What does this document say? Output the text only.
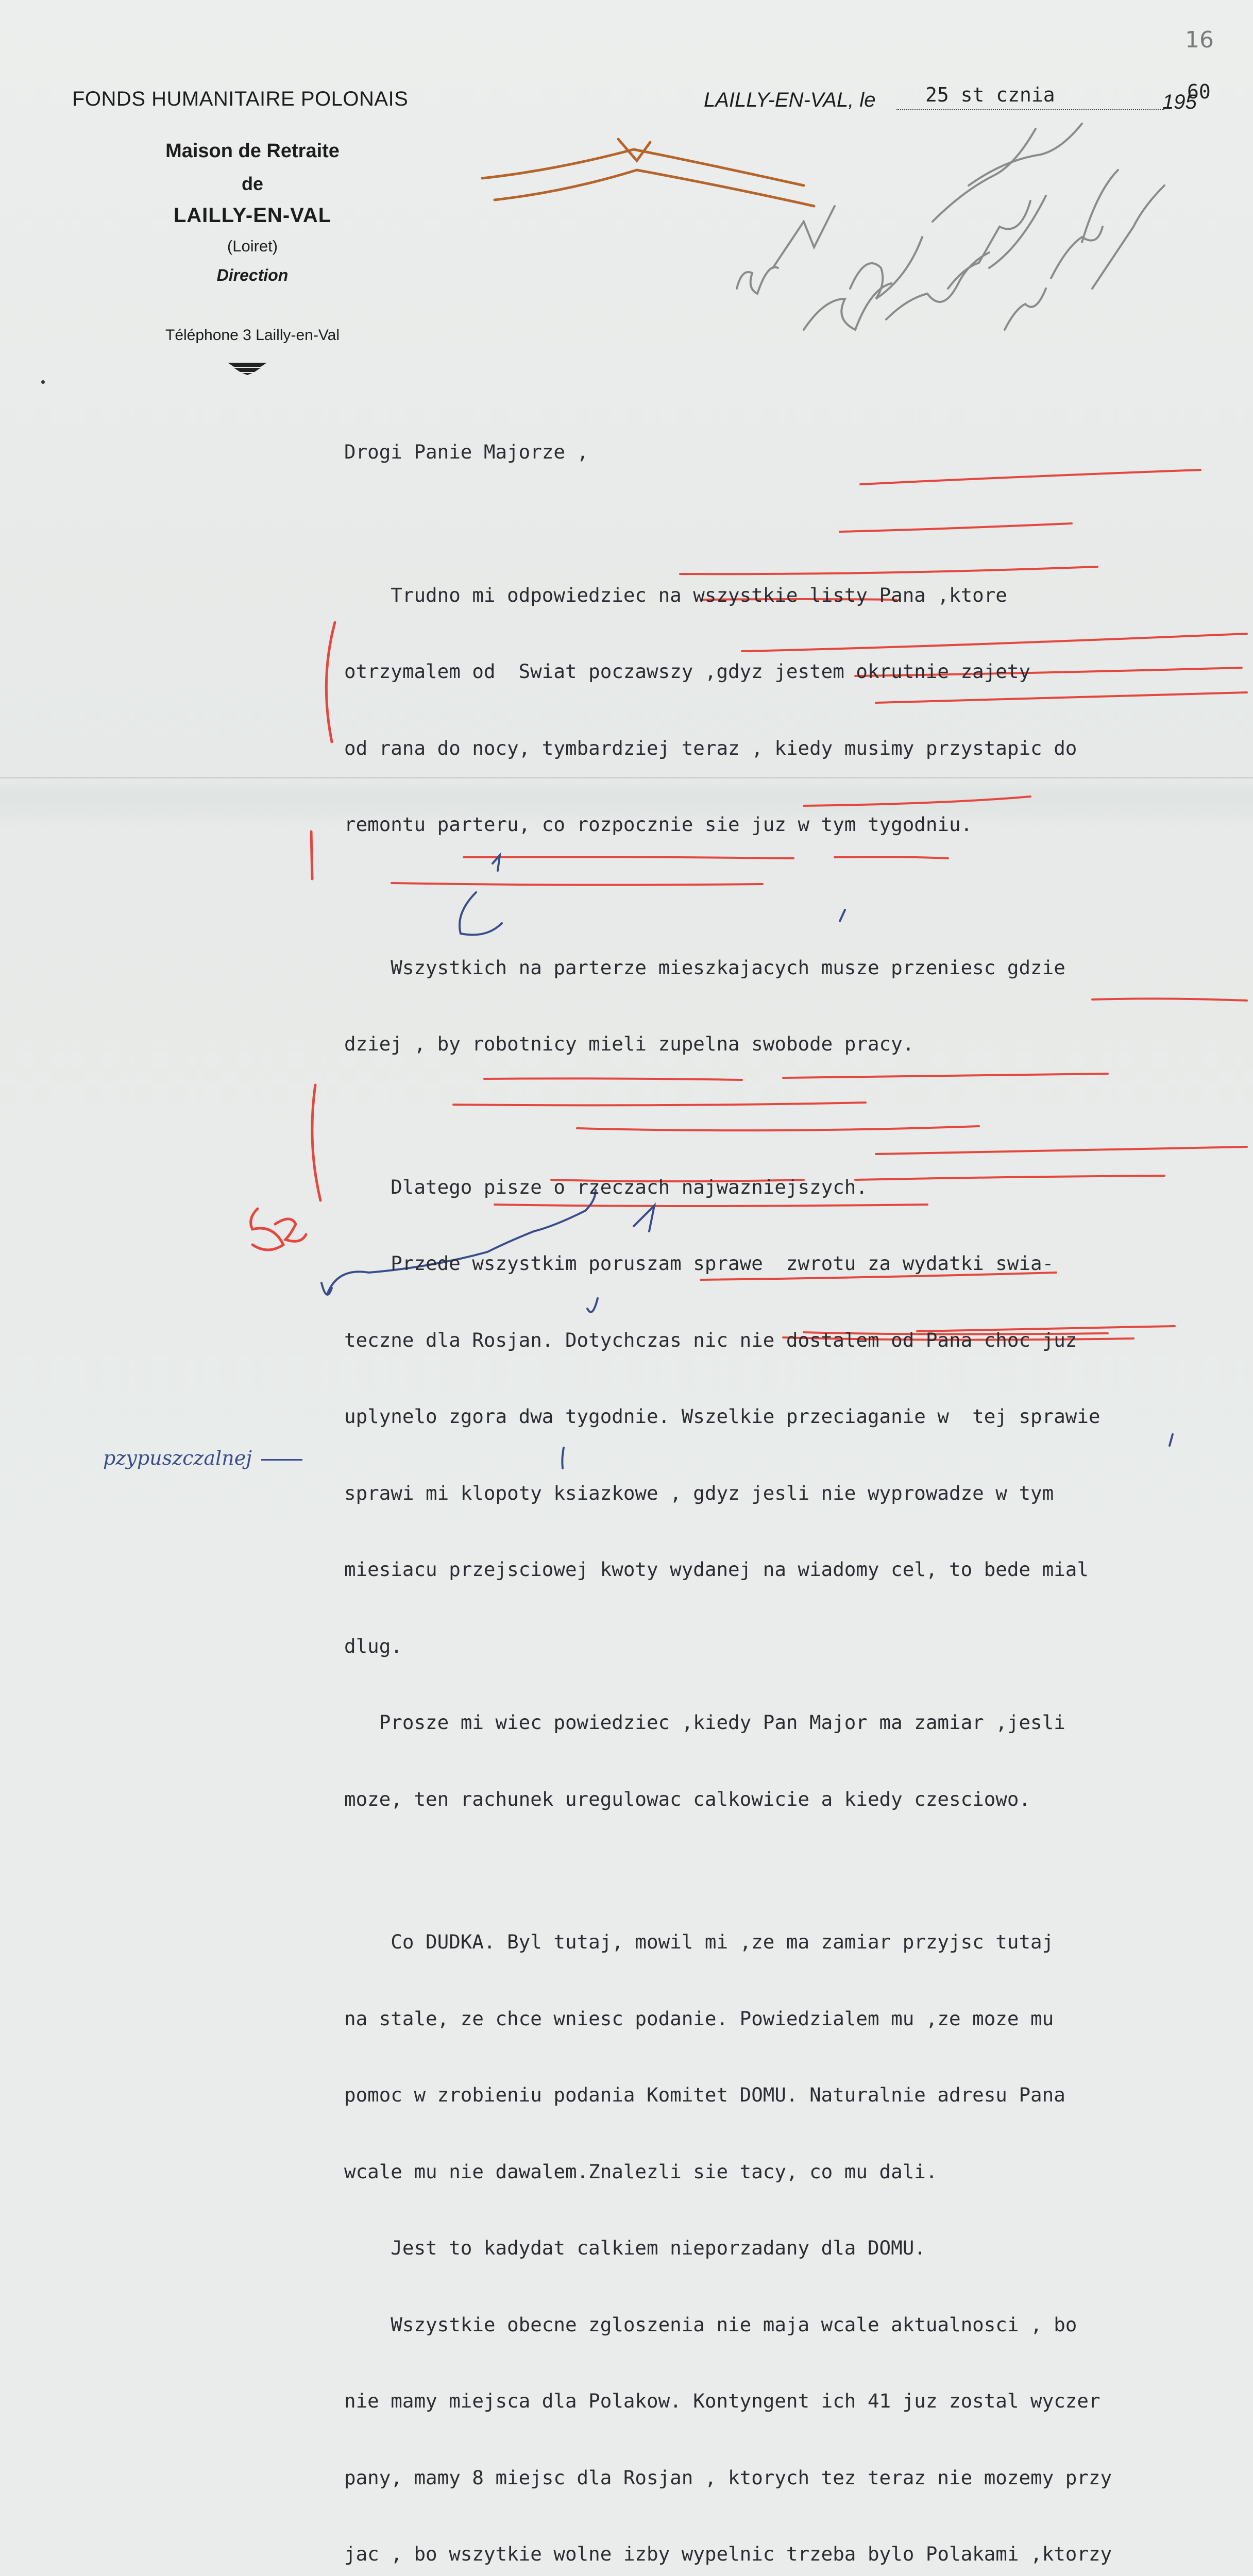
16
FONDS HUMANITAIRE POLONAIS
Maison de Retraite
de
LAILLY-EN-VAL
(Loiret)
Direction
Téléphone 3 Lailly-en-Val
LAILLY-EN-VAL, le	25 st cznia	195
60
pzypuszczalnej

Drogi Panie Majorze ,

Trudno mi odpowiedziec na wszystkie listy Pana ,ktore

otrzymalem od  Swiat poczawszy ,gdyz jestem okrutnie zajety

od rana do nocy, tymbardziej teraz , kiedy musimy przystapic do

remontu parteru, co rozpocznie sie juz w tym tygodniu.

Wszystkich na parterze mieszkajacych musze przeniesc gdzie

dziej , by robotnicy mieli zupelna swobode pracy.

Dlatego pisze o rzeczach najwazniejszych.

Przede wszystkim poruszam sprawe  zwrotu za wydatki swia-

teczne dla Rosjan. Dotychczas nic nie dostalem od Pana choc juz

uplynelo zgora dwa tygodnie. Wszelkie przeciaganie w  tej sprawie

sprawi mi klopoty ksiazkowe , gdyz jesli nie wyprowadze w tym

miesiacu przejsciowej kwoty wydanej na wiadomy cel, to bede mial

dlug.

Prosze mi wiec powiedziec ,kiedy Pan Major ma zamiar ,jesli

moze, ten rachunek uregulowac calkowicie a kiedy czesciowo.

Co DUDKA. Byl tutaj, mowil mi ,ze ma zamiar przyjsc tutaj

na stale, ze chce wniesc podanie. Powiedzialem mu ,ze moze mu

pomoc w zrobieniu podania Komitet DOMU. Naturalnie adresu Pana

wcale mu nie dawalem.Znalezli sie tacy, co mu dali.

Jest to kadydat calkiem nieporzadany dla DOMU.

Wszystkie obecne zgloszenia nie maja wcale aktualnosci , bo

nie mamy miejsca dla Polakow. Kontyngent ich 41 juz zostal wyczer

pany, mamy 8 miejsc dla Rosjan , ktorych tez teraz nie mozemy przy

jac , bo wszytkie wolne izby wypelnic trzeba bylo Polakami ,ktorzy
